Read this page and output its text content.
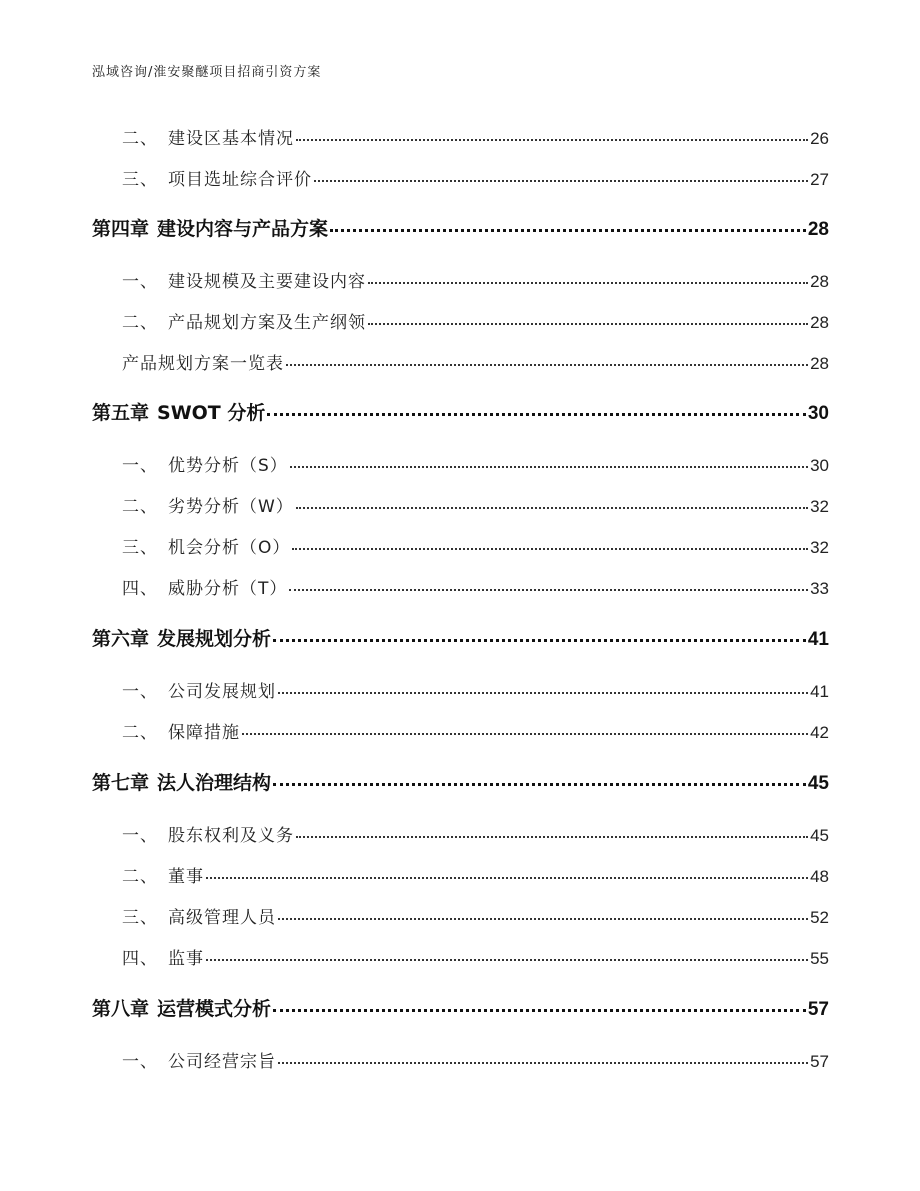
泓域咨询/淮安聚醚项目招商引资方案
二、 建设区基本情况	26
三、 项目选址综合评价	27
第四章 建设内容与产品方案	28
一、 建设规模及主要建设内容	28
二、 产品规划方案及生产纲领	28
产品规划方案一览表	28
第五章 SWOT 分析	30
一、 优势分析（S）	30
二、 劣势分析（W）	32
三、 机会分析（O）	32
四、 威胁分析（T）	33
第六章 发展规划分析	41
一、 公司发展规划	41
二、 保障措施	42
第七章 法人治理结构	45
一、 股东权利及义务	45
二、 董事	48
三、 高级管理人员	52
四、 监事	55
第八章 运营模式分析	57
一、 公司经营宗旨	57
